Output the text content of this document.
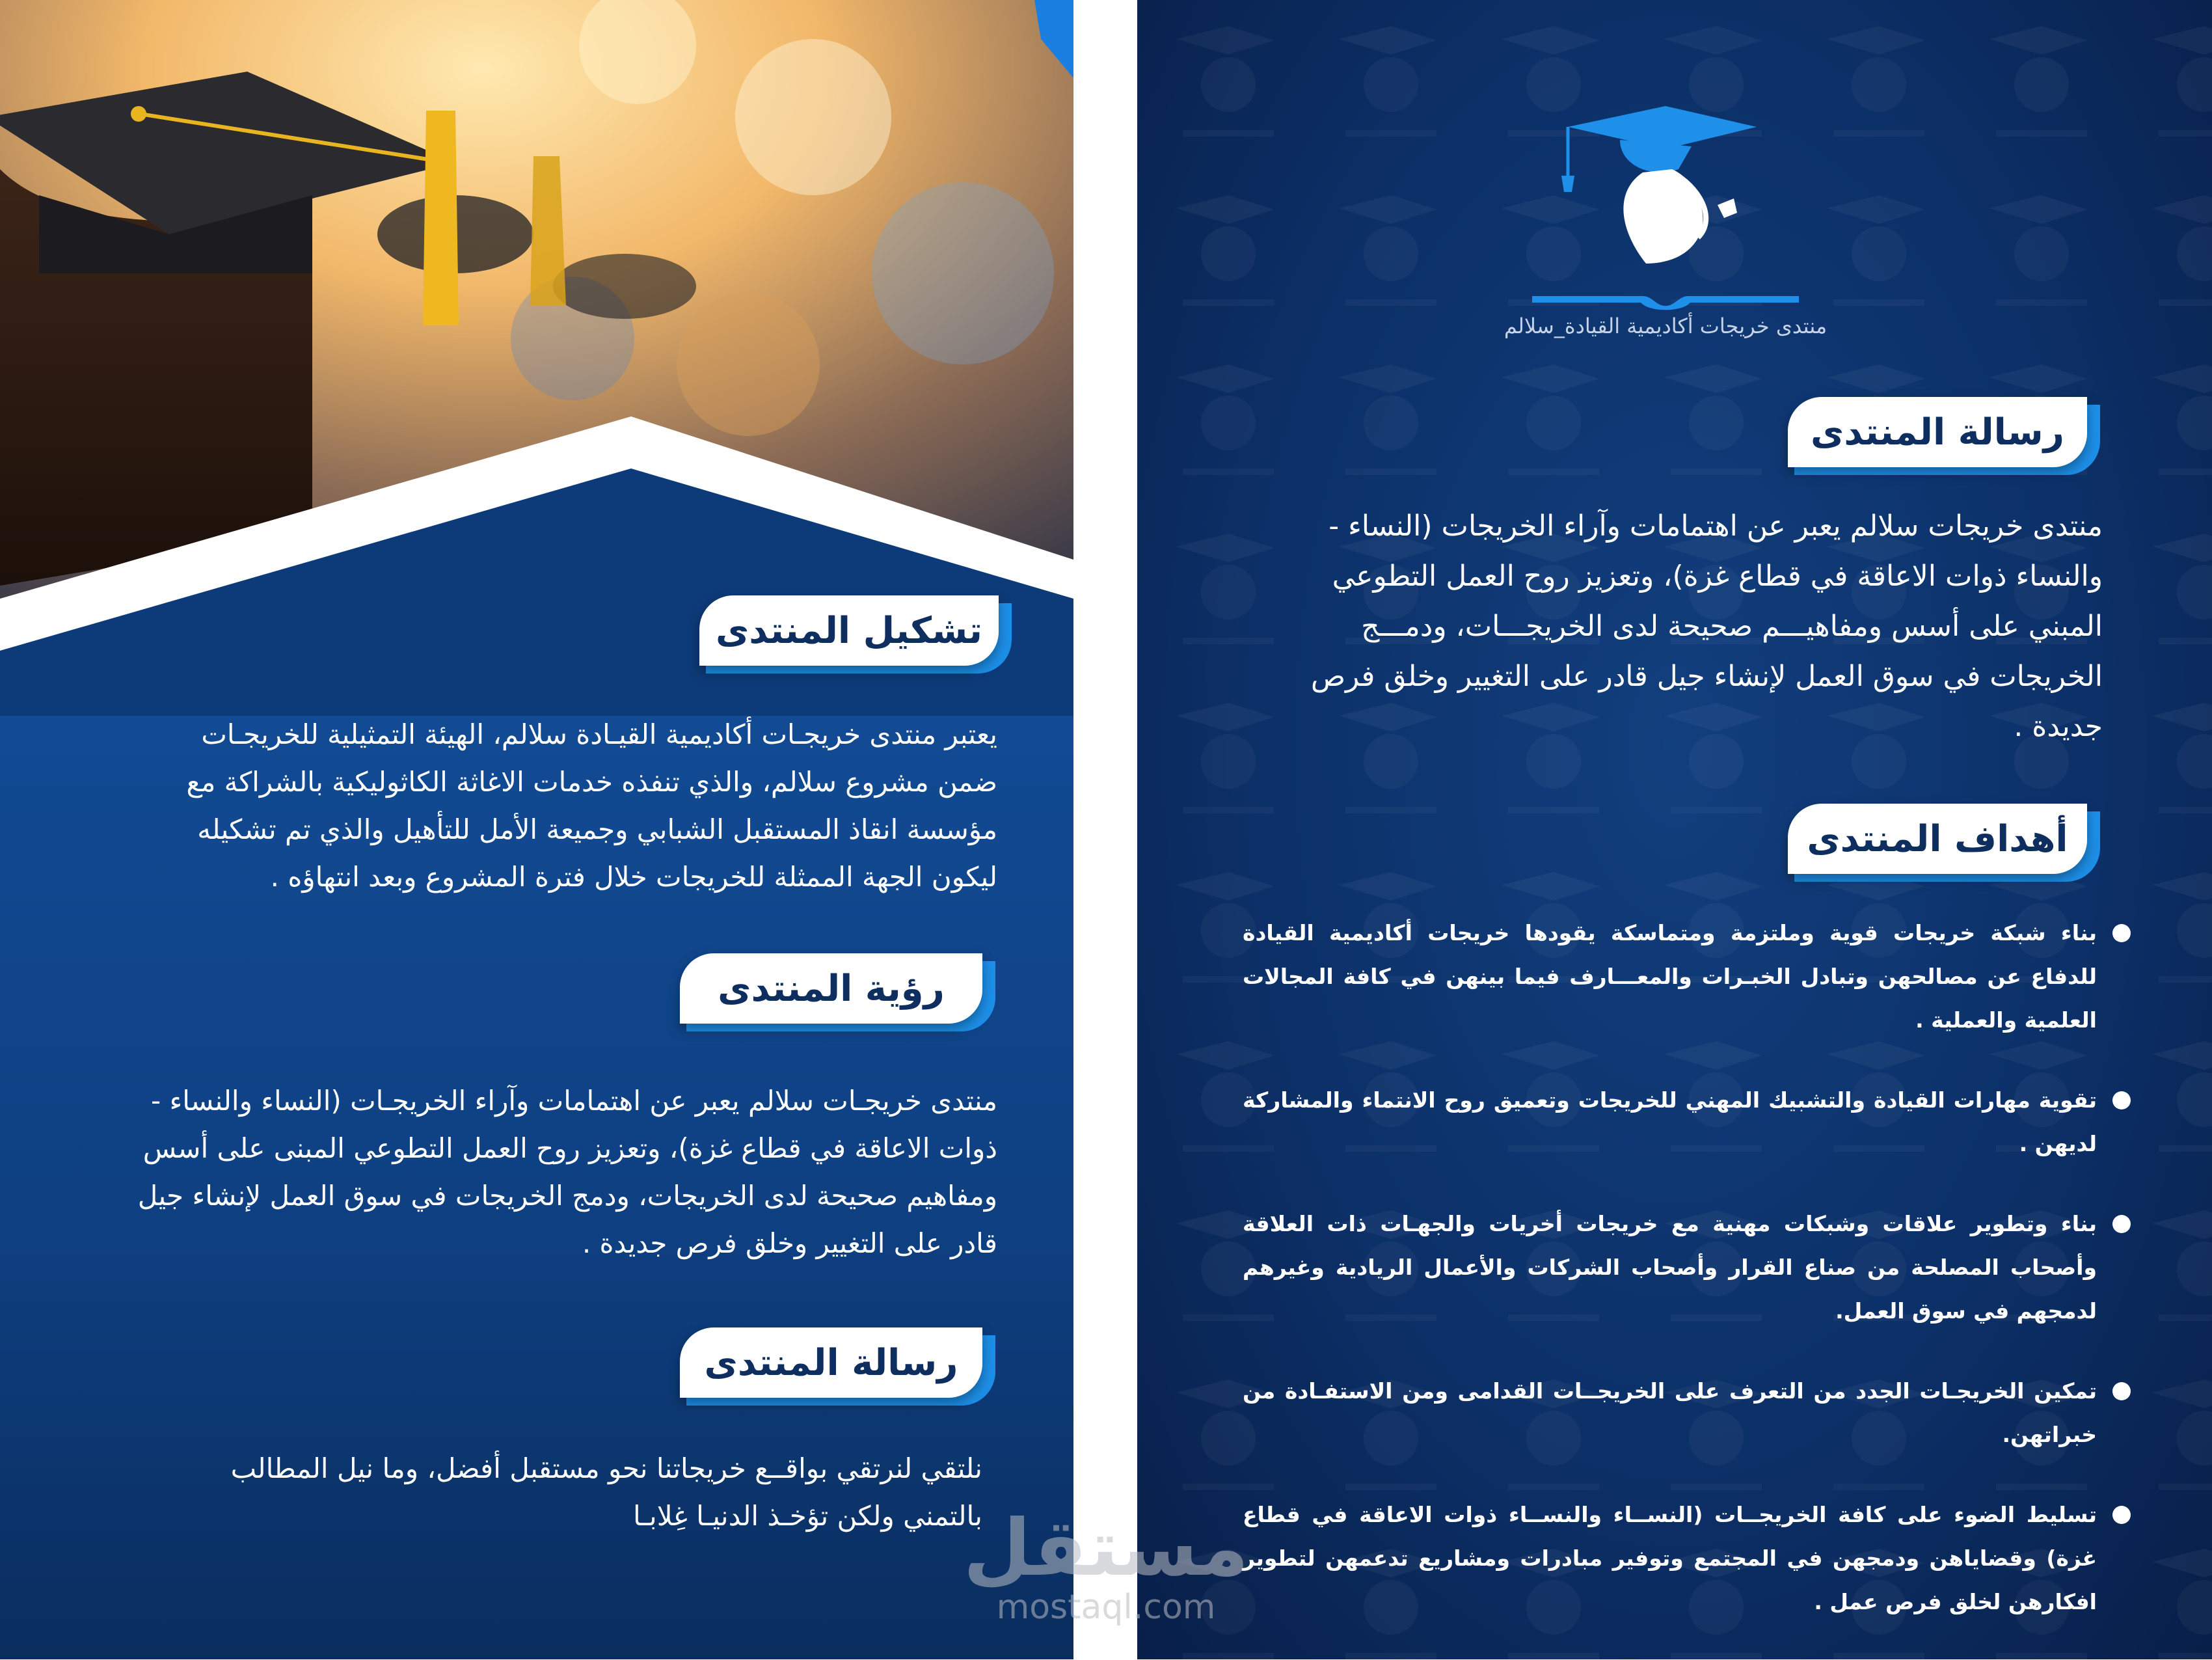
تشكيل المنتدى
يعتبر منتدى خريجـات أكاديمية القيـادة سلالم، الهيئة التمثيلية للخريجـات
ضمن مشروع سلالم، والذي تنفذه خدمات الاغاثة الكاثوليكية بالشراكة مع
مؤسسة انقاذ المستقبل الشبابي وجميعة الأمل للتأهيل والذي تم تشكيله
ليكون الجهة الممثلة للخريجات خلال فترة المشروع وبعد انتهاؤه .
رؤية المنتدى
منتدى خريجـات سلالم يعبر عن اهتمامات وآراء الخريجـات (النساء والنساء -
ذوات الاعاقة في قطاع غزة)، وتعزيز روح العمل التطوعي المبنى على أسس
ومفاهيم صحيحة لدى الخريجات، ودمج الخريجات في سوق العمل لإنشاء جيل
قادر على التغيير وخلق فرص جديدة .
رسالة المنتدى
نلتقي لنرتقي بواقــع خريجاتنا نحو مستقبل أفضل، وما نيل المطالب
بالتمني ولكن تؤخـذ الدنيـا غِلابـا
منتدى خريجات أكاديمية القيادة_سلالم
رسالة المنتدى
منتدى خريجات سلالم يعبر عن اهتمامات وآراء الخريجات (النساء -
والنساء ذوات الاعاقة في قطاع غزة)، وتعزيز روح العمل التطوعي
المبني على أسس ومفاهيـــم صحيحة لدى الخريجـــات، ودمـــج
الخريجات في سوق العمل لإنشاء جيل قادر على التغيير وخلق فرص
جديدة .
أهداف المنتدى
بناء شبكة خريجات قوية وملتزمة ومتماسكة يقودها خريجات أكاديمية القيادة للدفاع عن مصالحهن وتبادل الخبـرات والمعـــارف فيما بينهن في كافة المجالات العلمية والعملية .
تقوية مهارات القيادة والتشبيك المهني للخريجات وتعميق روح الانتماء والمشاركة لديهن .
بناء وتطوير علاقات وشبكات مهنية مع خريجات أخريات والجهـات ذات العلاقة وأصحاب المصلحة من صناع القرار وأصحاب الشركات والأعمال الريادية وغيرهم لدمجهم في سوق العمل.
تمكين الخريجـات الجدد من التعرف على الخريجــات القدامى ومن الاستفـادة من خبراتهن.
تسليط الضوء على كافة الخريجــات (النســاء والنســاء ذوات الاعاقة في قطاع غزة) وقضاياهن ودمجهن في المجتمع وتوفير مبادرات ومشاريع تدعمهن لتطوير افكارهن لخلق فرص عمل .
مستقل
mostaql.com
